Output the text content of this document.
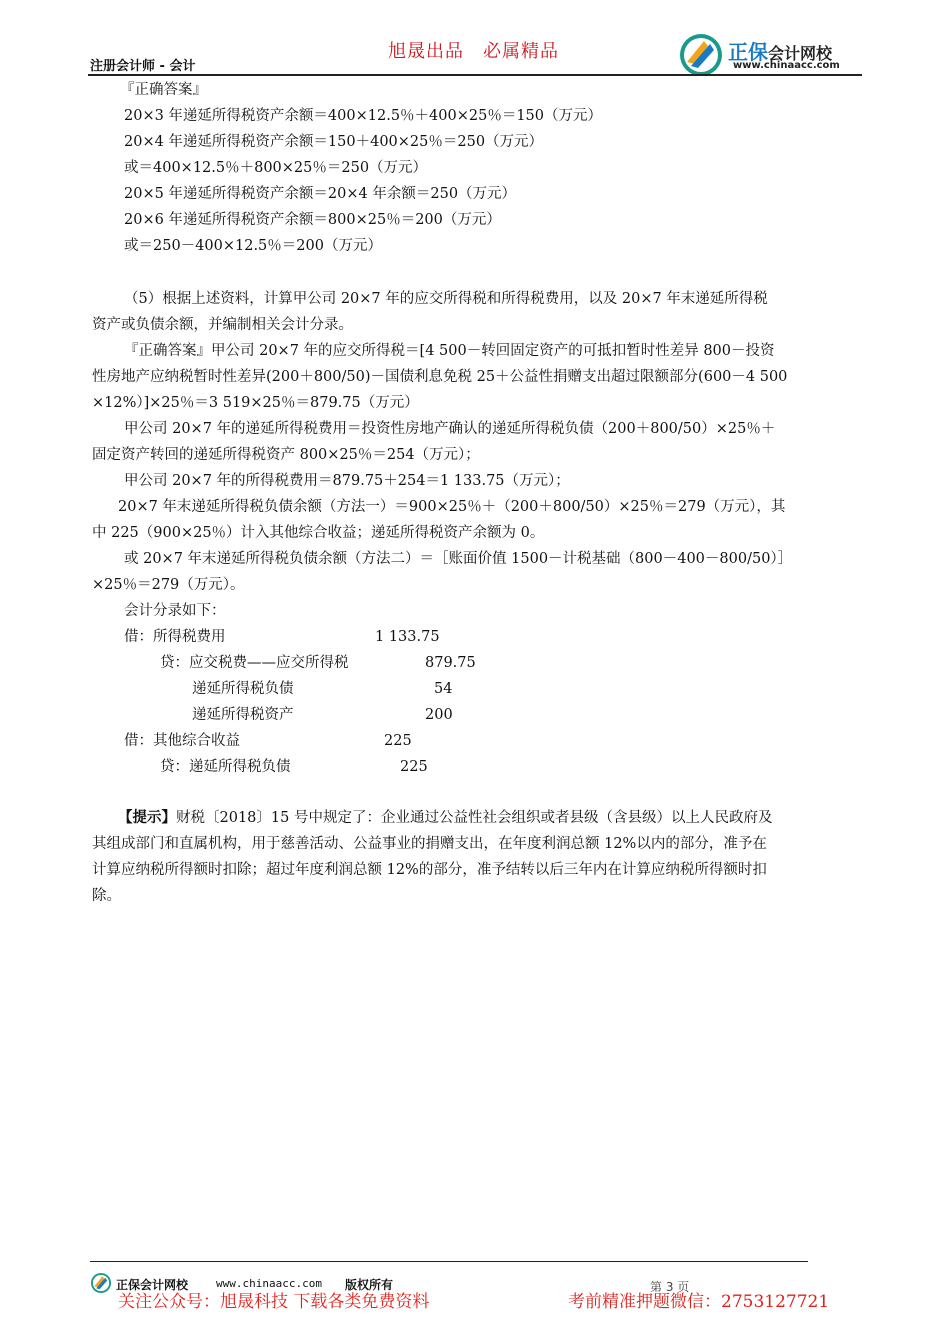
注册会计师 - 会计
旭晟出品　必属精品	正保会计网校
www.chinaacc.com
『正确答案』
20×3 年递延所得税资产余额＝400×12.5％＋400×25％＝150（万元）
20×4 年递延所得税资产余额＝150＋400×25％＝250（万元）
或＝400×12.5％＋800×25％＝250（万元）
20×5 年递延所得税资产余额＝20×4 年余额＝250（万元）
20×6 年递延所得税资产余额＝800×25％＝200（万元）
或＝250－400×12.5％＝200（万元）
（5）根据上述资料，计算甲公司 20×7 年的应交所得税和所得税费用，以及 20×7 年末递延所得税
资产或负债余额，并编制相关会计分录。
『正确答案』甲公司 20×7 年的应交所得税＝[4 500－转回固定资产的可抵扣暂时性差异 800－投资
性房地产应纳税暂时性差异(200＋800/50)－国债利息免税 25＋公益性捐赠支出超过限额部分(600－4 500
×12%）]×25％＝3 519×25％＝879.75（万元）
甲公司 20×7 年的递延所得税费用＝投资性房地产确认的递延所得税负债（200＋800/50）×25％＋
固定资产转回的递延所得税资产 800×25％＝254（万元）；
甲公司 20×7 年的所得税费用＝879.75＋254＝1 133.75（万元）；
20×7 年末递延所得税负债余额（方法一）＝900×25％＋（200＋800/50）×25％＝279（万元），其
中 225（900×25％）计入其他综合收益；递延所得税资产余额为 0。
或 20×7 年末递延所得税负债余额（方法二）＝［账面价值 1500－计税基础（800－400－800/50）］
×25％＝279（万元）。
会计分录如下：
借：所得税费用	1 133.75
贷：应交税费——应交所得税	879.75
递延所得税负债	54
递延所得税资产	200
借：其他综合收益	225
贷：递延所得税负债	225
【提示】财税〔2018〕15 号中规定了：企业通过公益性社会组织或者县级（含县级）以上人民政府及
其组成部门和直属机构，用于慈善活动、公益事业的捐赠支出，在年度利润总额 12%以内的部分，准予在
计算应纳税所得额时扣除；超过年度利润总额 12%的部分，准予结转以后三年内在计算应纳税所得额时扣
除。
正保会计网校	www.chinaacc.com 版权所有	第 3 页
关注公众号：旭晟科技 下载各类免费资料	考前精准押题微信：2753127721
